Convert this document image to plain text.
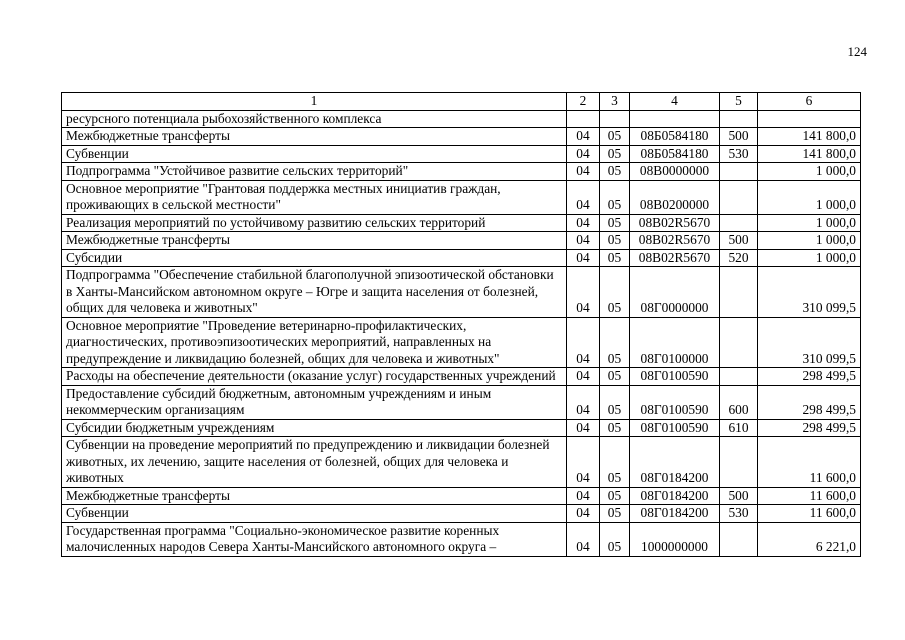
124
1	2	3	4	5	6
ресурсного потенциала рыбохозяйственного комплекса					
Межбюджетные трансферты	04	05	08Б0584180	500	141 800,0
Субвенции	04	05	08Б0584180	530	141 800,0
Подпрограмма "Устойчивое развитие сельских территорий"	04	05	08В0000000		1 000,0
Основное мероприятие "Грантовая поддержка местных инициатив граждан, проживающих в сельской местности"	04	05	08В0200000		1 000,0
Реализация мероприятий по устойчивому развитию сельских территорий	04	05	08В02R5670		1 000,0
Межбюджетные трансферты	04	05	08В02R5670	500	1 000,0
Субсидии	04	05	08В02R5670	520	1 000,0
Подпрограмма "Обеспечение стабильной благополучной эпизоотической обстановки в Ханты-Мансийском автономном округе – Югре и защита населения от болезней, общих для человека и животных"	04	05	08Г0000000		310 099,5
Основное мероприятие "Проведение ветеринарно-профилактических, диагностических, противоэпизоотических мероприятий, направленных на предупреждение и ликвидацию болезней, общих для человека и животных"	04	05	08Г0100000		310 099,5
Расходы на обеспечение деятельности (оказание услуг) государственных учреждений	04	05	08Г0100590		298 499,5
Предоставление субсидий бюджетным, автономным учреждениям и иным некоммерческим организациям	04	05	08Г0100590	600	298 499,5
Субсидии бюджетным учреждениям	04	05	08Г0100590	610	298 499,5
Субвенции на проведение мероприятий по предупреждению и ликвидации болезней животных, их лечению, защите населения от болезней, общих для человека и животных	04	05	08Г0184200		11 600,0
Межбюджетные трансферты	04	05	08Г0184200	500	11 600,0
Субвенции	04	05	08Г0184200	530	11 600,0
Государственная программа "Социально-экономическое развитие коренных малочисленных народов Севера Ханты-Мансийского автономного округа –	04	05	1000000000		6 221,0
